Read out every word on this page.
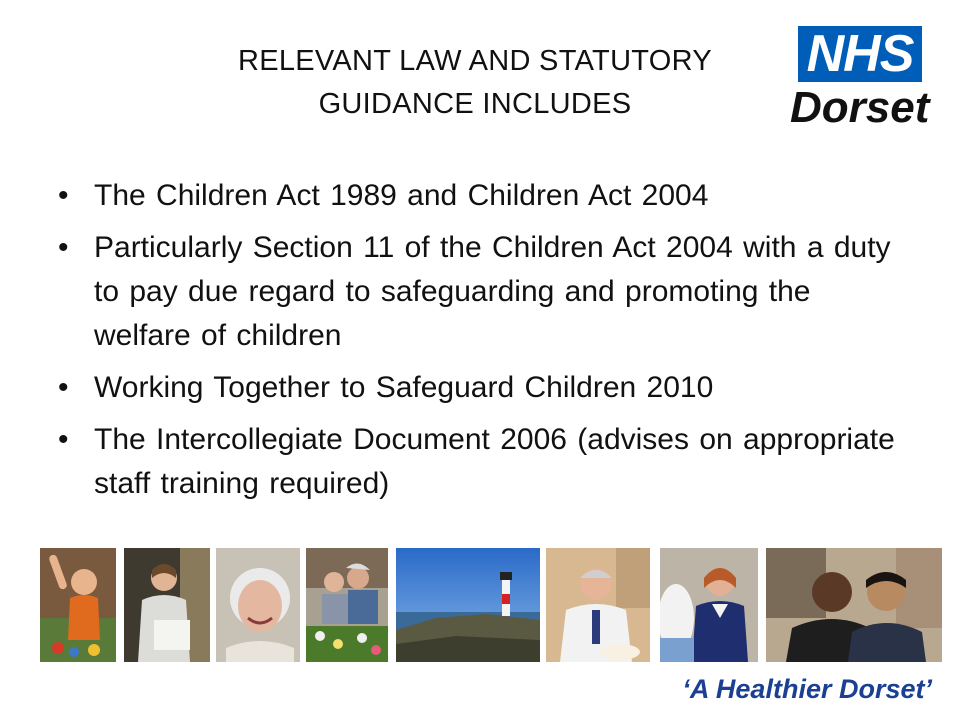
RELEVANT LAW AND STATUTORY
GUIDANCE INCLUDES
NHS
Dorset
• The Children Act 1989 and Children Act 2004
• Particularly Section 11 of the Children Act 2004 with a duty to pay due regard to safeguarding and promoting the welfare of children
• Working Together to Safeguard Children 2010
• The Intercollegiate Document 2006 (advises on appropriate staff training required)
‘A Healthier Dorset’
